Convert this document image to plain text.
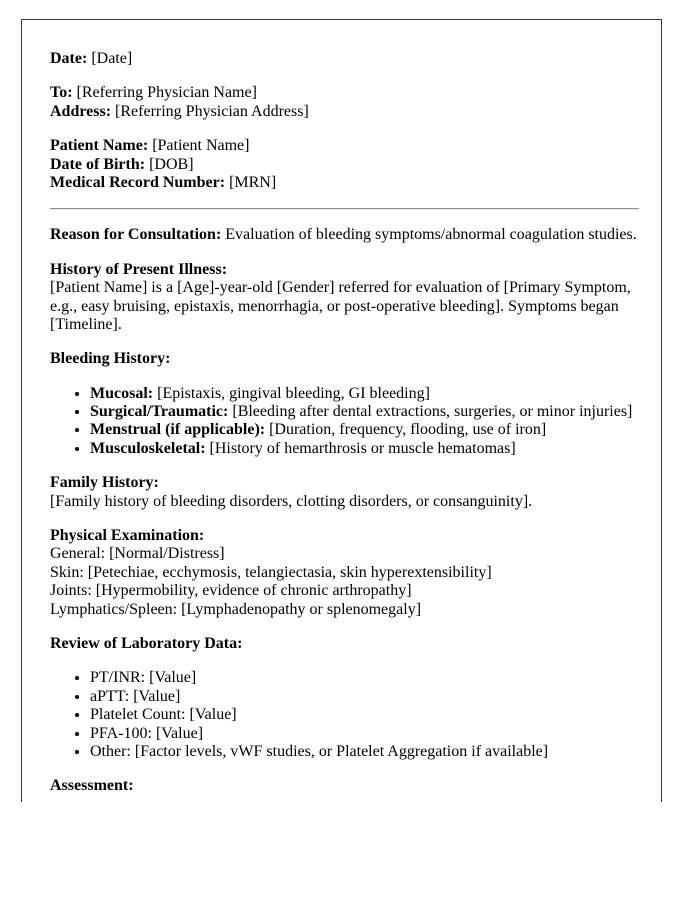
Date: [Date]

To: [Referring Physician Name]
Address: [Referring Physician Address]

Patient Name: [Patient Name]
Date of Birth: [DOB]
Medical Record Number: [MRN]

Reason for Consultation: Evaluation of bleeding symptoms/abnormal coagulation studies.

History of Present Illness:
[Patient Name] is a [Age]-year-old [Gender] referred for evaluation of [Primary Symptom, e.g., easy bruising, epistaxis, menorrhagia, or post-operative bleeding]. Symptoms began [Timeline].

Bleeding History:

• Mucosal: [Epistaxis, gingival bleeding, GI bleeding]
• Surgical/Traumatic: [Bleeding after dental extractions, surgeries, or minor injuries]
• Menstrual (if applicable): [Duration, frequency, flooding, use of iron]
• Musculoskeletal: [History of hemarthrosis or muscle hematomas]

Family History:
[Family history of bleeding disorders, clotting disorders, or consanguinity].

Physical Examination:
General: [Normal/Distress]
Skin: [Petechiae, ecchymosis, telangiectasia, skin hyperextensibility]
Joints: [Hypermobility, evidence of chronic arthropathy]
Lymphatics/Spleen: [Lymphadenopathy or splenomegaly]

Review of Laboratory Data:

• PT/INR: [Value]
• aPTT: [Value]
• Platelet Count: [Value]
• PFA-100: [Value]
• Other: [Factor levels, vWF studies, or Platelet Aggregation if available]

Assessment:
